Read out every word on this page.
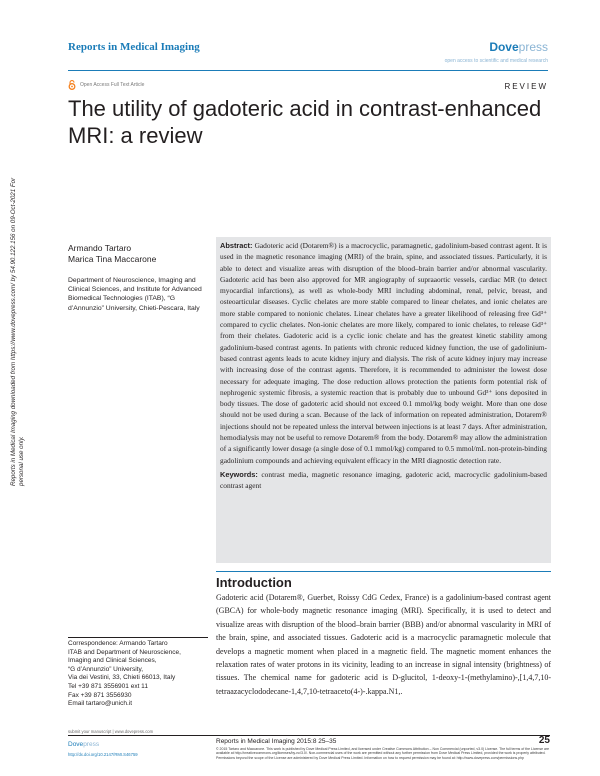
Reports in Medical Imaging	Dovepress
open access to scientific and medical research
Open Access Full Text Article	REVIEW
The utility of gadoteric acid in contrast-enhanced MRI: a review
Reports in Medical Imaging downloaded from https://www.dovepress.com/ by 54.90.122.156 on 09-Oct-2021 For personal use only.
Armando Tartaro
Marica Tina Maccarone
Department of Neuroscience, Imaging and Clinical Sciences, and Institute for Advanced Biomedical Technologies (ITAB), “G d’Annunzio” University, Chieti-Pescara, Italy

Abstract: Gadoteric acid (Dotarem®) is a macrocyclic, paramagnetic, gadolinium-based contrast agent. It is used in the magnetic resonance imaging (MRI) of the brain, spine, and associated tissues. Particularly, it is able to detect and visualize areas with disruption of the blood–brain barrier and/or abnormal vascularity. Gadoteric acid has been also approved for MR angiography of supraaortic vessels, cardiac MR (to detect myocardial infarctions), as well as whole-body MRI including abdominal, renal, pelvic, breast, and osteoarticular diseases. Cyclic chelates are more stable compared to linear chelates, and ionic chelates are more stable compared to nonionic chelates. Linear chelates have a greater likelihood of releasing free Gd³⁺ compared to cyclic chelates. Non-ionic chelates are more likely, compared to ionic chelates, to release Gd³⁺ from their chelates. Gadoteric acid is a cyclic ionic chelate and has the greatest kinetic stability among gadolinium-based contrast agents. In patients with chronic reduced kidney function, the use of gadolinium-based contrast agents leads to acute kidney injury and dialysis. The risk of acute kidney injury may increase with increasing dose of the contrast agents. Therefore, it is recommended to administer the lowest dose necessary for adequate imaging. The dose reduction allows protection the patients form potential risk of nephrogenic systemic fibrosis, a systemic reaction that is probably due to unbound Gd³⁺ ions deposited in body tissues. The dose of gadoteric acid should not exceed 0.1 mmol/kg body weight. More than one dose should not be used during a scan. Because of the lack of information on repeated administration, Dotarem® injections should not be repeated unless the interval between injections is at least 7 days. After administration, hemodialysis may not be useful to remove Dotarem® from the body. Dotarem® may allow the administration of a significantly lower dosage (a single dose of 0.1 mmol/kg) compared to 0.5 mmol/mL non-protein-binding gadolinium compounds and achieving equivalent efficacy in the MRI diagnostic detection rate.

Keywords: contrast media, magnetic resonance imaging, gadoteric acid, macrocyclic gadolinium-based contrast agent

Introduction
Gadoteric acid (Dotarem®, Guerbet, Roissy CdG Cedex, France) is a gadolinium-based contrast agent (GBCA) for whole-body magnetic resonance imaging (MRI). Specifically, it is used to detect and visualize areas with disruption of the blood–brain barrier (BBB) and/or abnormal vascularity in MRI of the brain, spine, and associated tissues. Gadoteric acid is a macrocyclic paramagnetic molecule that develops a magnetic moment when placed in a magnetic field. The magnetic moment enhances the relaxation rates of water protons in its vicinity, leading to an increase in signal intensity (brightness) of tissues. The chemical name for gadoteric acid is D-glucitol, 1-deoxy-1-(methylamino)-,[1,4,7,10-tetraazacyclododecane-1,4,7,10-tetraaceto(4-)-.kappa.N1,.
Correspondence: Armando Tartaro
ITAB and Department of Neuroscience,
Imaging and Clinical Sciences,
“G d’Annunzio” University,
Via dei Vestini, 33, Chieti 66013, Italy
Tel +39 871 3556901 ext 11
Fax +39 871 3556930
Email tartaro@unich.it
submit your manuscript | www.dovepress.com
Dovepress
http://dx.doi.org/10.2147/RMI.S46759
Reports in Medical Imaging 2015:8 25–35	25
© 2015 Tartaro and Maccarone. This work is published by Dove Medical Press Limited, and licensed under Creative Commons Attribution – Non Commercial (unported, v3.0) License. The full terms of the License are available at http://creativecommons.org/licenses/by-nc/3.0/. Non-commercial uses of the work are permitted without any further permission from Dove Medical Press Limited, provided the work is properly attributed. Permissions beyond the scope of the License are administered by Dove Medical Press Limited. Information on how to request permission may be found at: http://www.dovepress.com/permissions.php
